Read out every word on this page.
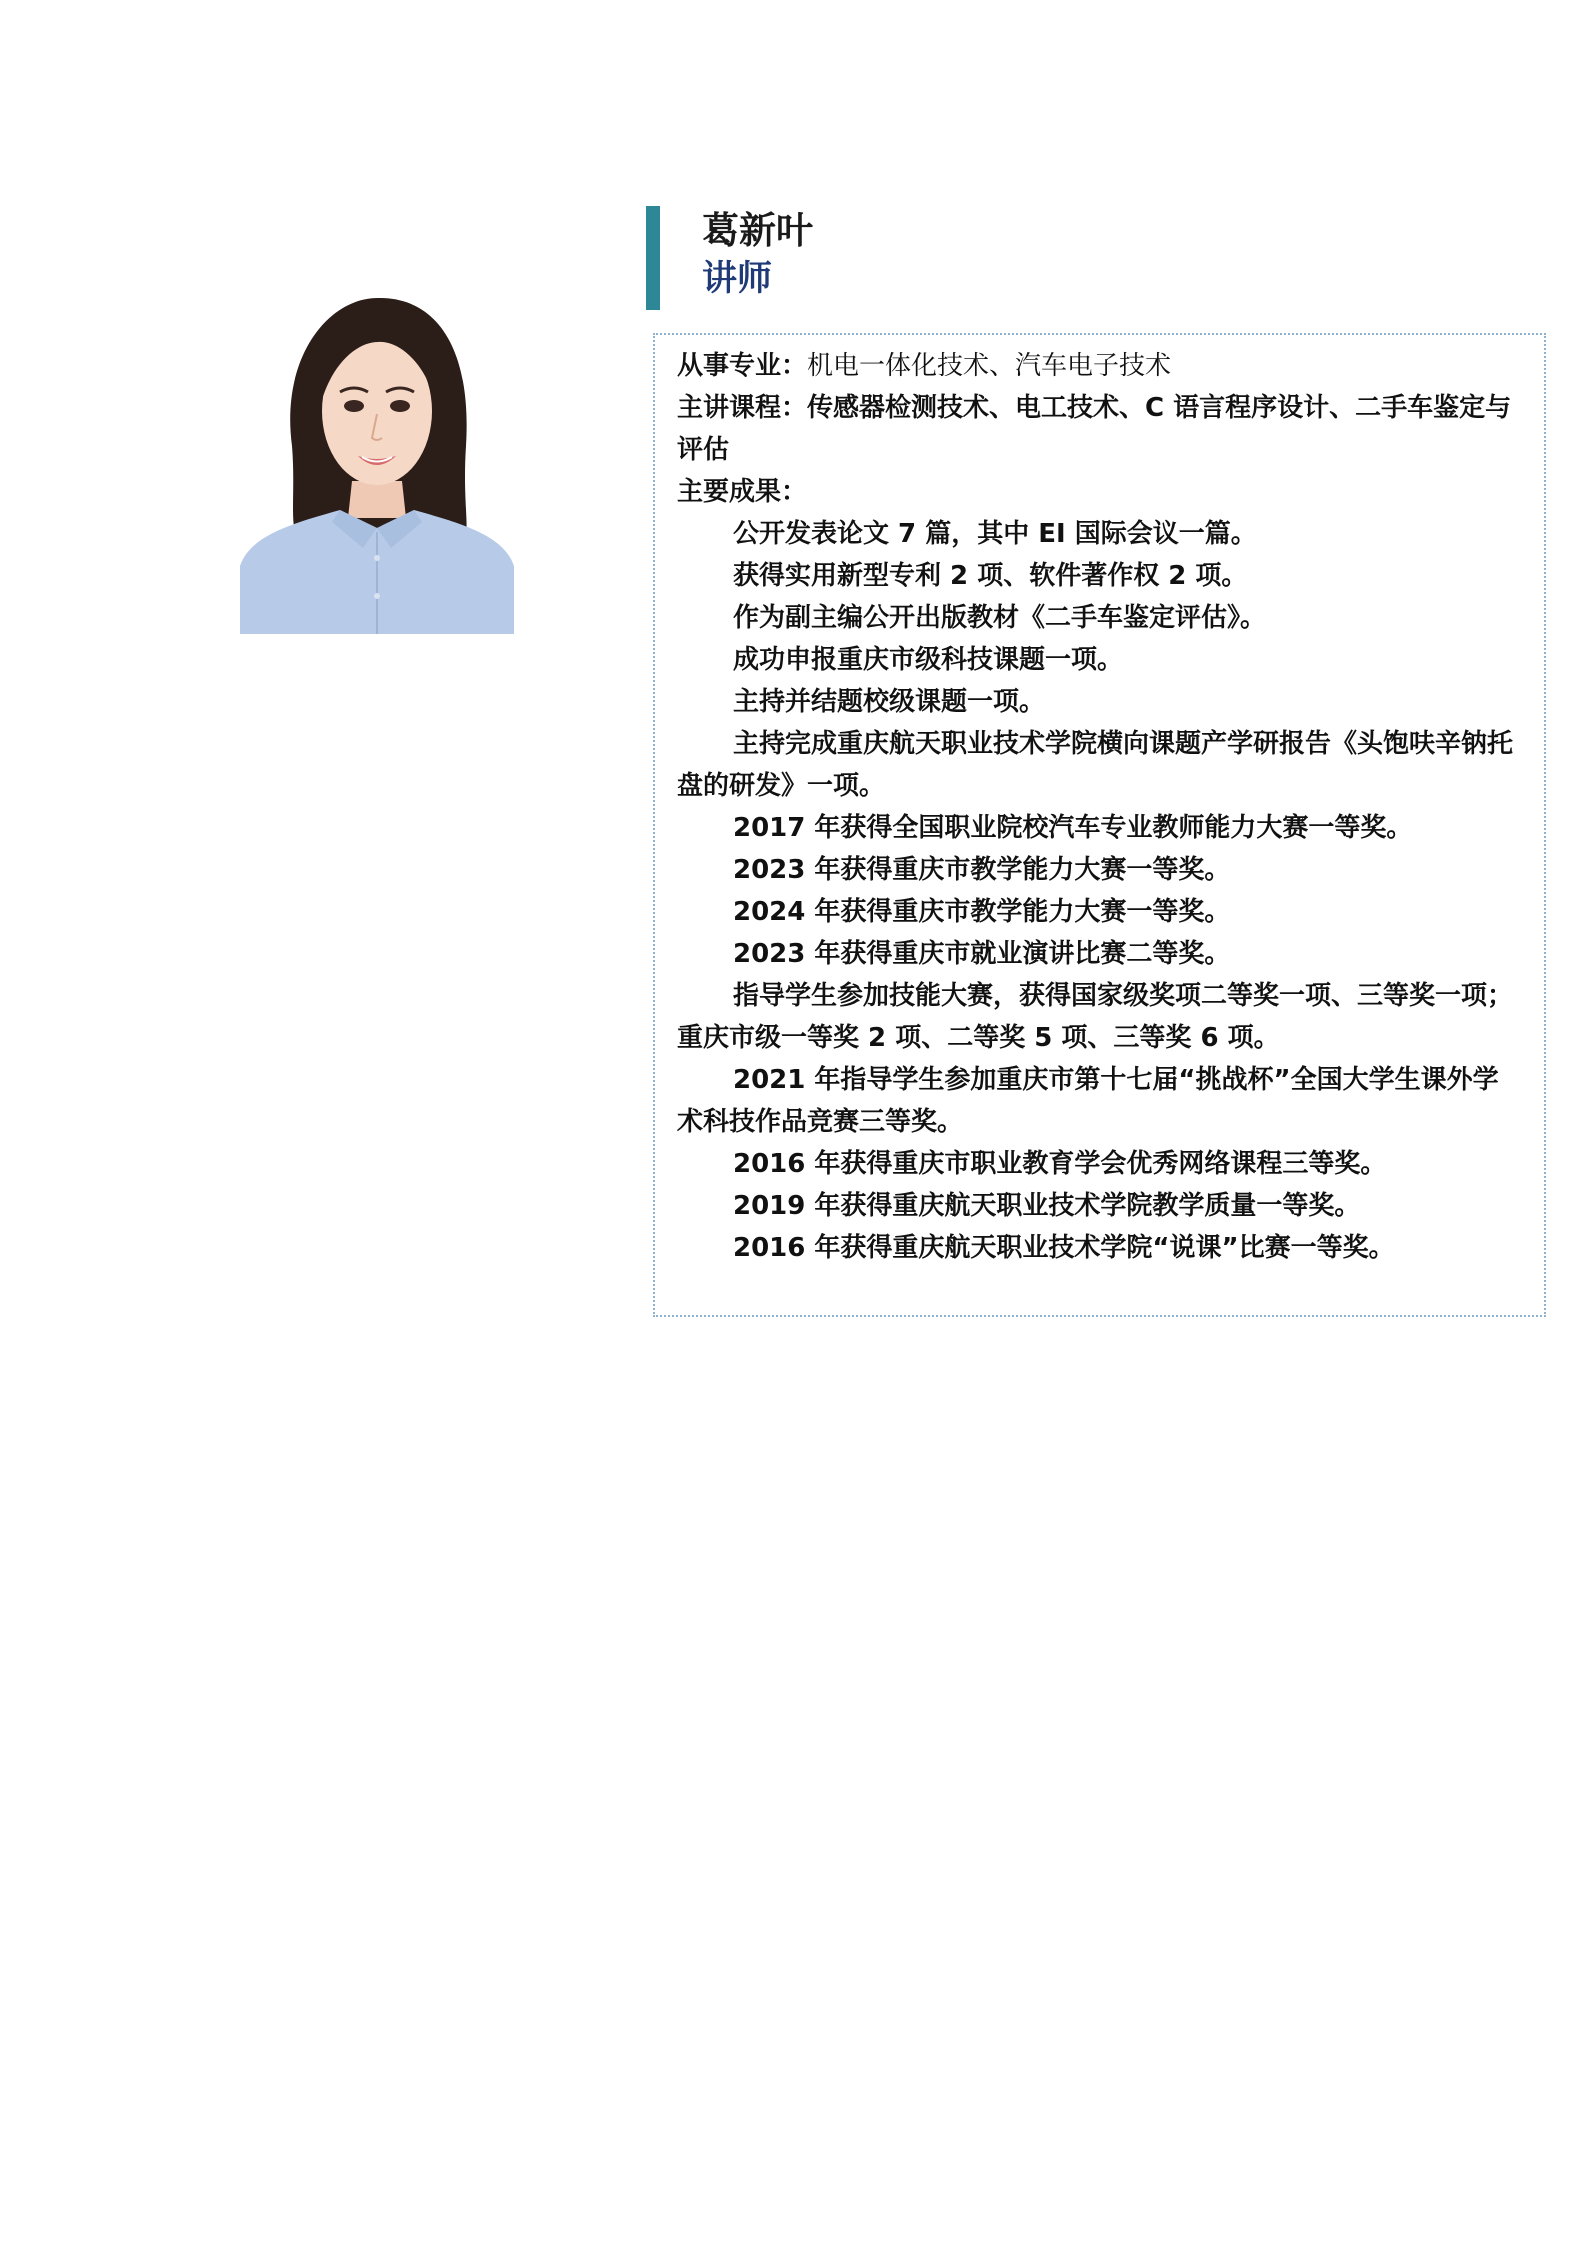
葛新叶
讲师
从事专业：机电一体化技术、汽车电子技术
主讲课程：传感器检测技术、电工技术、C 语言程序设计、二手车鉴定与评估
主要成果：

公开发表论文 7 篇，其中 EI 国际会议一篇。

获得实用新型专利 2 项、软件著作权 2 项。

作为副主编公开出版教材《二手车鉴定评估》。

成功申报重庆市级科技课题一项。

主持并结题校级课题一项。

主持完成重庆航天职业技术学院横向课题产学研报告《头饱呋辛钠托盘的研发》一项。

2017 年获得全国职业院校汽车专业教师能力大赛一等奖。

2023 年获得重庆市教学能力大赛一等奖。

2024 年获得重庆市教学能力大赛一等奖。

2023 年获得重庆市就业演讲比赛二等奖。

指导学生参加技能大赛，获得国家级奖项二等奖一项、三等奖一项；重庆市级一等奖 2 项、二等奖 5 项、三等奖 6 项。

2021 年指导学生参加重庆市第十七届“挑战杯”全国大学生课外学术科技作品竞赛三等奖。

2016 年获得重庆市职业教育学会优秀网络课程三等奖。

2019 年获得重庆航天职业技术学院教学质量一等奖。

2016 年获得重庆航天职业技术学院“说课”比赛一等奖。
